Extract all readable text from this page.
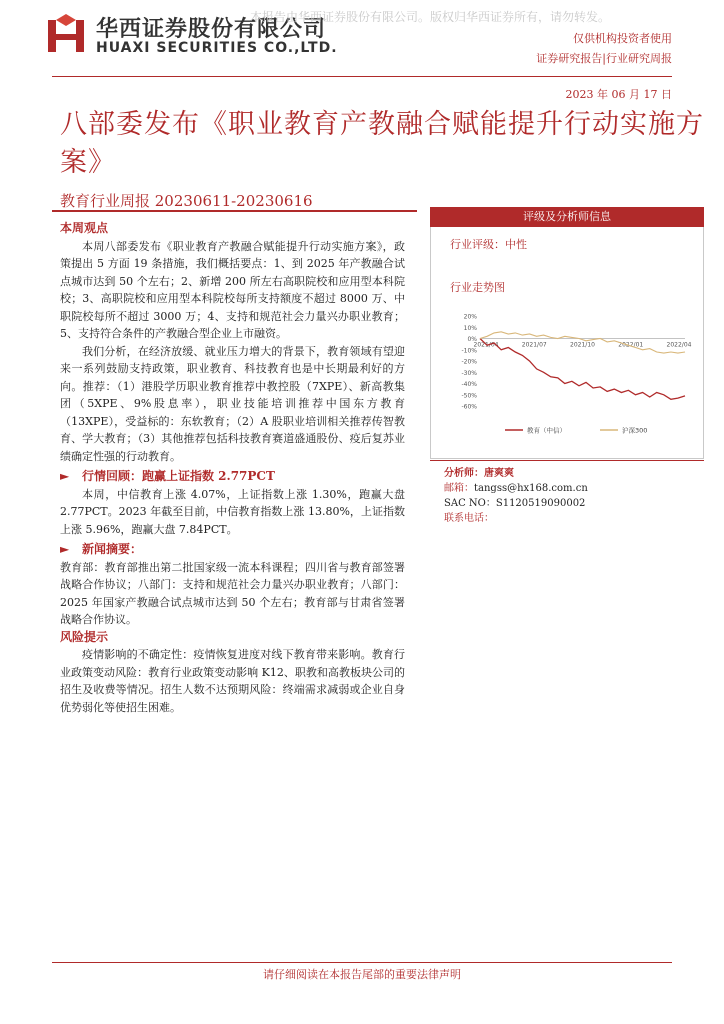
华西证券股份有限公司
HUAXI SECURITIES CO.,LTD.
本报告由华西证券股份有限公司。版权归华西证券所有，请勿转发。
仅供机构投资者使用
证券研究报告|行业研究周报
2023 年 06 月 17 日
八部委发布《职业教育产教融合赋能提升行动实施方案》
教育行业周报 20230611-20230616
本周观点

本周八部委发布《职业教育产教融合赋能提升行动实施方案》，政策提出 5 方面 19 条措施，我们概括要点：1、到 2025 年产教融合试点城市达到 50 个左右；2、新增 200 所左右高职院校和应用型本科院校；3、高职院校和应用型本科院校每所支持额度不超过 8000 万、中职院校每所不超过 3000 万；4、支持和规范社会力量兴办职业教育；5、支持符合条件的产教融合型企业上市融资。

我们分析，在经济放缓、就业压力增大的背景下，教育领域有望迎来一系列鼓励支持政策，职业教育、科技教育也是中长期最利好的方向。推荐：（1）港股学历职业教育推荐中教控股（7XPE）、新高教集团（5XPE、9%股息率），职业技能培训推荐中国东方教育（13XPE），受益标的：东软教育；（2）A 股职业培训相关推荐传智教育、学大教育；（3）其他推荐包括科技教育赛道盛通股份、疫后复苏业绩确定性强的行动教育。

► 行情回顾：跑赢上证指数 2.77PCT

本周，中信教育上涨 4.07%，上证指数上涨 1.30%，跑赢大盘 2.77PCT。2023 年截至目前，中信教育指数上涨 13.80%，上证指数上涨 5.96%，跑赢大盘 7.84PCT。

► 新闻摘要：

教育部：教育部推出第二批国家级一流本科课程；四川省与教育部签署战略合作协议；八部门：支持和规范社会力量兴办职业教育；八部门：2025 年国家产教融合试点城市达到 50 个左右；教育部与甘肃省签署战略合作协议。

风险提示

疫情影响的不确定性：疫情恢复进度对线下教育带来影响。教育行业政策变动风险：教育行业政策变动影响 K12、职教和高教板块公司的招生及收费等情况。招生人数不达预期风险：终端需求减弱或企业自身优势弱化等使招生困难。

评级及分析师信息
行业评级：中性
行业走势图
20%
10%
0%
-10%
-20%
-30%
-40%
-50%
-60%
2021/04	2021/07	2021/10	2022/01	2022/04
教育（中信）	沪深300
分析师：唐爽爽
邮箱：tangss@hx168.com.cn
SAC NO：S1120519090002
联系电话：
请仔细阅读在本报告尾部的重要法律声明
